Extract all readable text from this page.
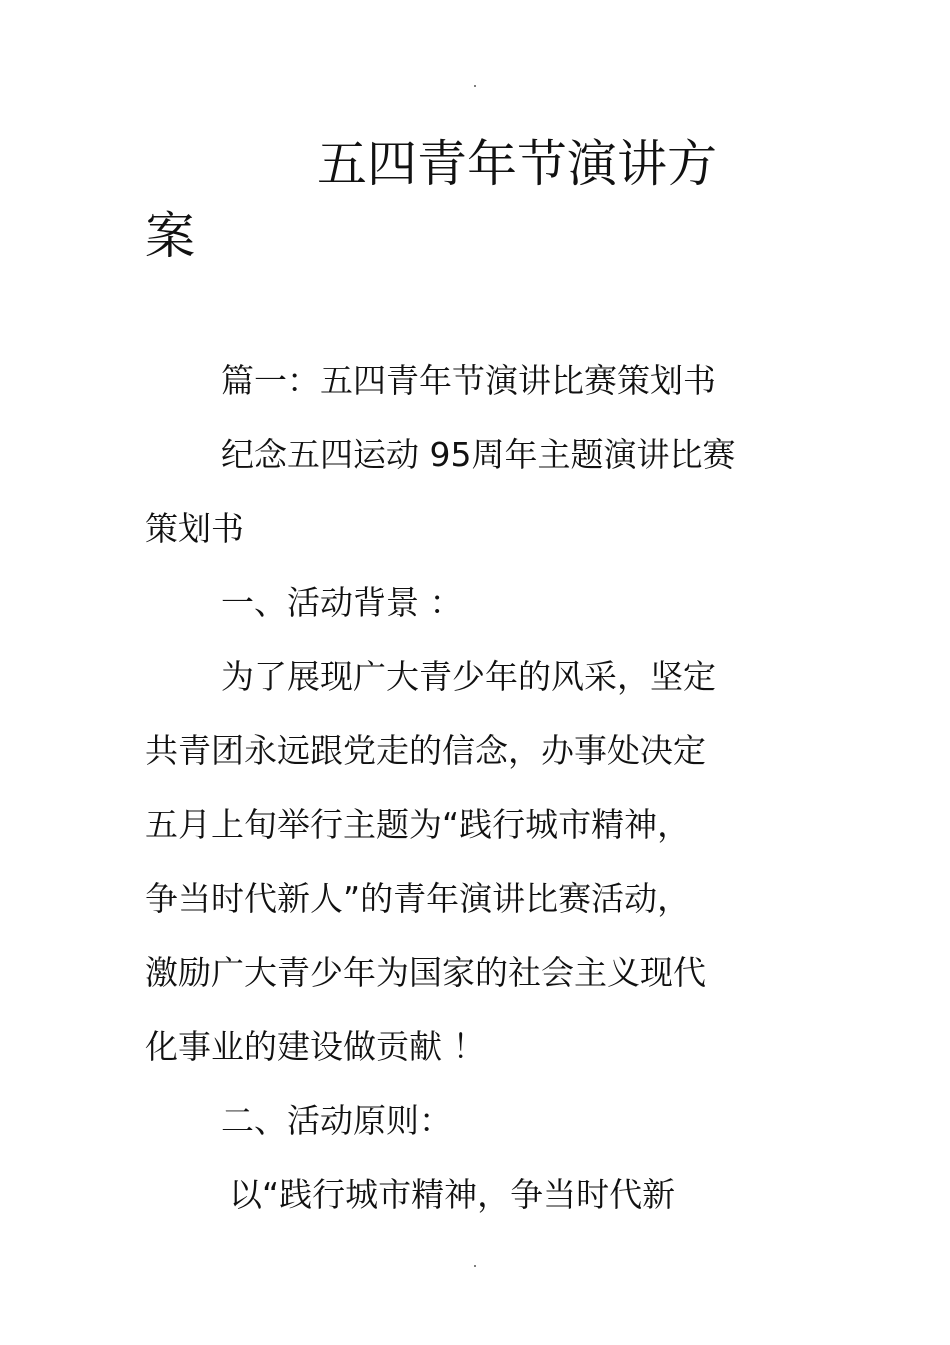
五四青年节演讲方
案
篇一：五四青年节演讲比赛策划书
纪念五四运动 95周年主题演讲比赛
策划书
一、活动背景 ：
为了展现广大青少年的风采，坚定
共青团永远跟党走的信念，办事处决定
五月上旬举行主题为“践行城市精神，
争当时代新人”的青年演讲比赛活动，
激励广大青少年为国家的社会主义现代
化事业的建设做贡献 ！
二、活动原则：
以“践行城市精神，争当时代新
